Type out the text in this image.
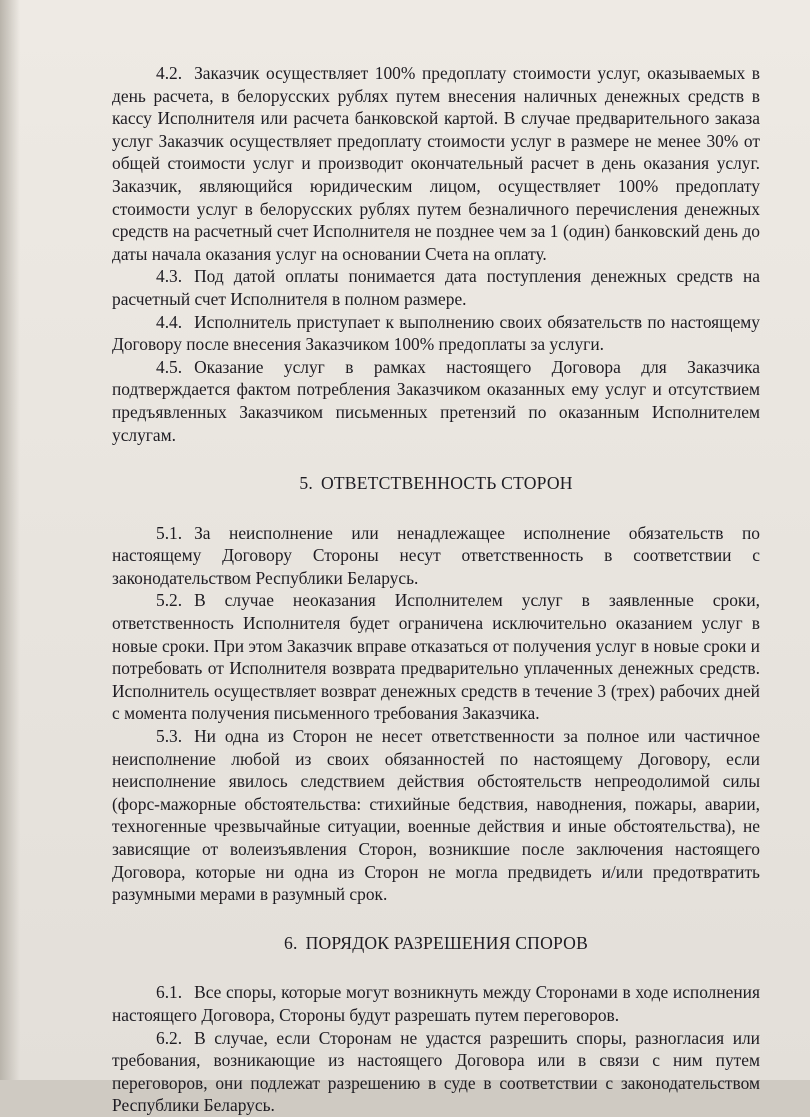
4.2. Заказчик осуществляет 100% предоплату стоимости услуг, оказываемых в день расчета, в белорусских рублях путем внесения наличных денежных средств в кассу Исполнителя или расчета банковской картой. В случае предварительного заказа услуг Заказчик осуществляет предоплату стоимости услуг в размере не менее 30% от общей стоимости услуг и производит окончательный расчет в день оказания услуг. Заказчик, являющийся юридическим лицом, осуществляет 100% предоплату стоимости услуг в белорусских рублях путем безналичного перечисления денежных средств на расчетный счет Исполнителя не позднее чем за 1 (один) банковский день до даты начала оказания услуг на основании Счета на оплату.

4.3. Под датой оплаты понимается дата поступления денежных средств на расчетный счет Исполнителя в полном размере.

4.4. Исполнитель приступает к выполнению своих обязательств по настоящему Договору после внесения Заказчиком 100% предоплаты за услуги.

4.5. Оказание услуг в рамках настоящего Договора для Заказчика подтверждается фактом потребления Заказчиком оказанных ему услуг и отсутствием предъявленных Заказчиком письменных претензий по оказанным Исполнителем услугам.

5. ОТВЕТСТВЕННОСТЬ СТОРОН

5.1. За неисполнение или ненадлежащее исполнение обязательств по настоящему Договору Стороны несут ответственность в соответствии с законодательством Республики Беларусь.

5.2. В случае неоказания Исполнителем услуг в заявленные сроки, ответственность Исполнителя будет ограничена исключительно оказанием услуг в новые сроки. При этом Заказчик вправе отказаться от получения услуг в новые сроки и потребовать от Исполнителя возврата предварительно уплаченных денежных средств. Исполнитель осуществляет возврат денежных средств в течение 3 (трех) рабочих дней с момента получения письменного требования Заказчика.

5.3. Ни одна из Сторон не несет ответственности за полное или частичное неисполнение любой из своих обязанностей по настоящему Договору, если неисполнение явилось следствием действия обстоятельств непреодолимой силы (форс-мажорные обстоятельства: стихийные бедствия, наводнения, пожары, аварии, техногенные чрезвычайные ситуации, военные действия и иные обстоятельства), не зависящие от волеизъявления Сторон, возникшие после заключения настоящего Договора, которые ни одна из Сторон не могла предвидеть и/или предотвратить разумными мерами в разумный срок.

6. ПОРЯДОК РАЗРЕШЕНИЯ СПОРОВ

6.1. Все споры, которые могут возникнуть между Сторонами в ходе исполнения настоящего Договора, Стороны будут разрешать путем переговоров.

6.2. В случае, если Сторонам не удастся разрешить споры, разногласия или требования, возникающие из настоящего Договора или в связи с ним путем переговоров, они подлежат разрешению в суде в соответствии с законодательством Республики Беларусь.
